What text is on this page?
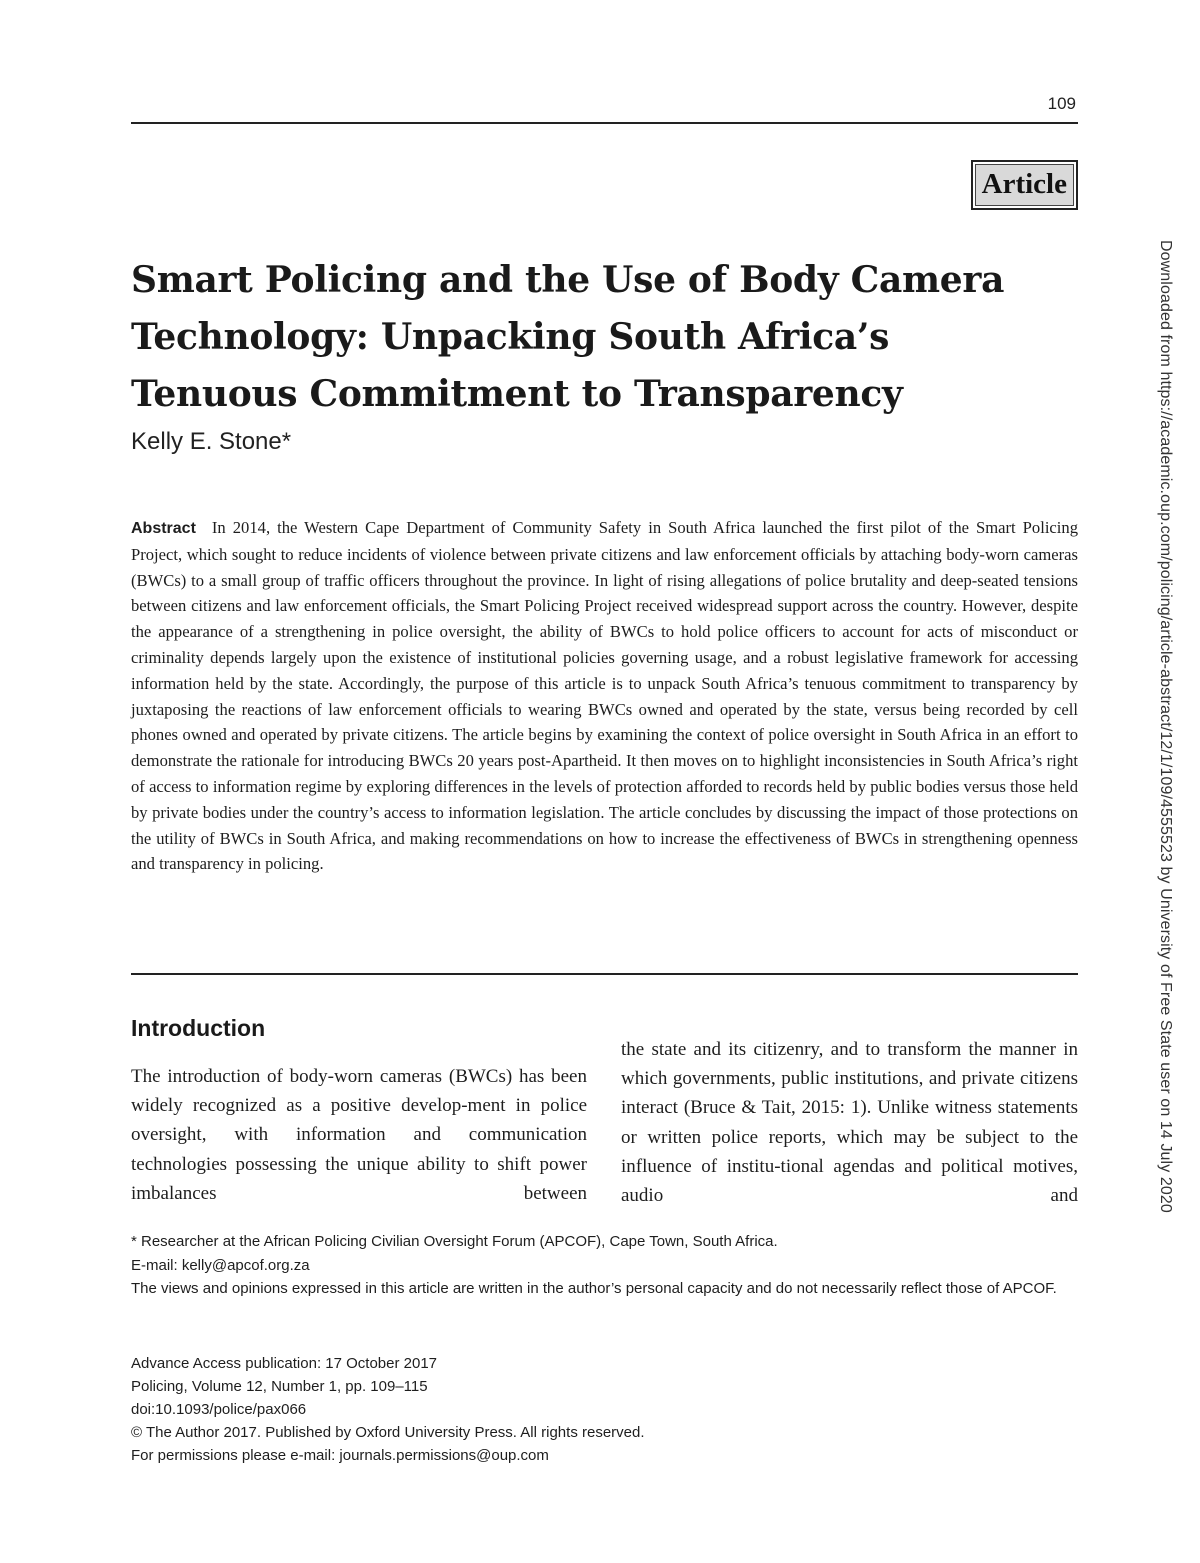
109
Article
Smart Policing and the Use of Body Camera
Technology: Unpacking South Africa’s
Tenuous Commitment to Transparency
Kelly E. Stone*
Abstract In 2014, the Western Cape Department of Community Safety in South Africa launched the first pilot of the Smart Policing Project, which sought to reduce incidents of violence between private citizens and law enforcement officials by attaching body-worn cameras (BWCs) to a small group of traffic officers throughout the province. In light of rising allegations of police brutality and deep-seated tensions between citizens and law enforcement officials, the Smart Policing Project received widespread support across the country. However, despite the appearance of a strengthening in police oversight, the ability of BWCs to hold police officers to account for acts of misconduct or criminality depends largely upon the existence of institutional policies governing usage, and a robust legislative framework for accessing information held by the state. Accordingly, the purpose of this article is to unpack South Africa’s tenuous commitment to transparency by juxtaposing the reactions of law enforcement officials to wearing BWCs owned and operated by the state, versus being recorded by cell phones owned and operated by private citizens. The article begins by examining the context of police oversight in South Africa in an effort to demonstrate the rationale for introducing BWCs 20 years post-Apartheid. It then moves on to highlight inconsistencies in South Africa’s right of access to information regime by exploring differences in the levels of protection afforded to records held by public bodies versus those held by private bodies under the country’s access to information legislation. The article concludes by discussing the impact of those protections on the utility of BWCs in South Africa, and making recommendations on how to increase the effectiveness of BWCs in strengthening openness and transparency in policing.
Introduction
The introduction of body-worn cameras (BWCs) has been widely recognized as a positive develop-ment in police oversight, with information and communication technologies possessing the unique ability to shift power imbalances between
the state and its citizenry, and to transform the manner in which governments, public institutions, and private citizens interact (Bruce & Tait, 2015: 1). Unlike witness statements or written police reports, which may be subject to the influence of institu-tional agendas and political motives, audio and

* Researcher at the African Policing Civilian Oversight Forum (APCOF), Cape Town, South Africa.

E-mail: kelly@apcof.org.za

The views and opinions expressed in this article are written in the author’s personal capacity and do not necessarily reflect those of APCOF.

Advance Access publication: 17 October 2017

Policing, Volume 12, Number 1, pp. 109–115

doi:10.1093/police/pax066

© The Author 2017. Published by Oxford University Press. All rights reserved.

For permissions please e-mail: journals.permissions@oup.com

Downloaded from https://academic.oup.com/policing/article-abstract/12/1/109/4555523 by University of Free State user on 14 July 2020
